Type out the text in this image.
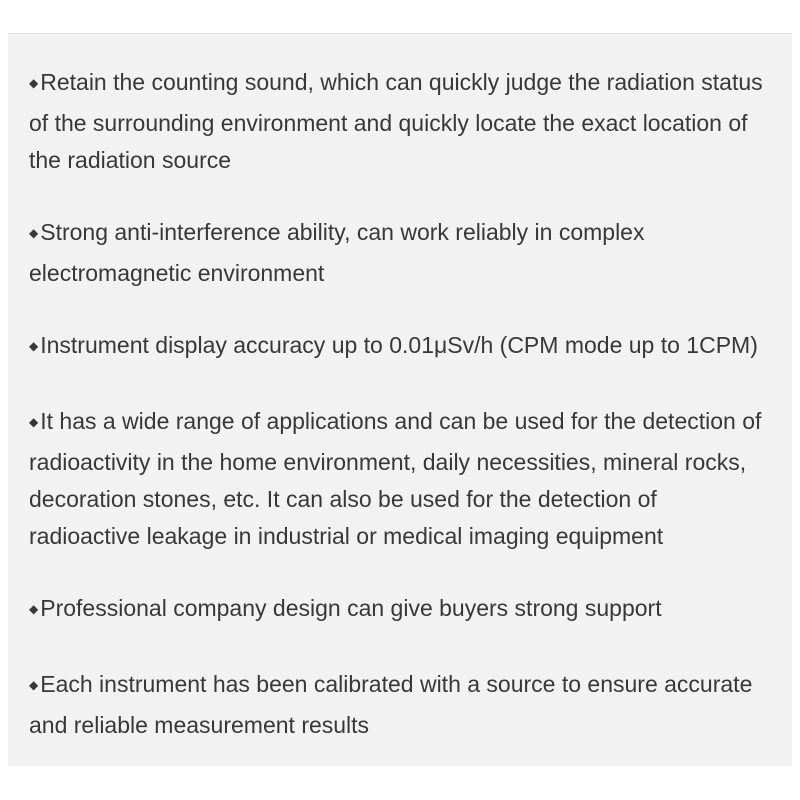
◆Retain the counting sound, which can quickly judge the radiation status of the surrounding environment and quickly locate the exact location of the radiation source

◆Strong anti-interference ability, can work reliably in complex electromagnetic environment

◆Instrument display accuracy up to 0.01μSv/h (CPM mode up to 1CPM)

◆It has a wide range of applications and can be used for the detection of radioactivity in the home environment, daily necessities, mineral rocks, decoration stones, etc. It can also be used for the detection of radioactive leakage in industrial or medical imaging equipment

◆Professional company design can give buyers strong support

◆Each instrument has been calibrated with a source to ensure accurate and reliable measurement results
